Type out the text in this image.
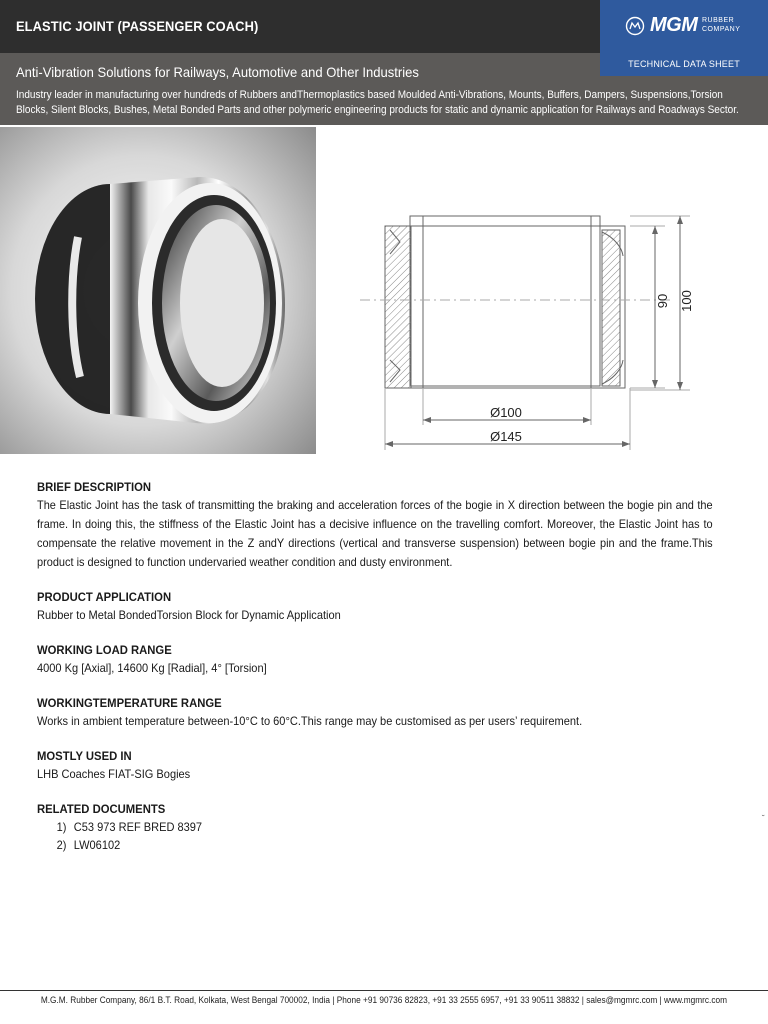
ELASTIC JOINT (PASSENGER COACH)	MGM RUBBER
COMPANY
Anti-Vibration Solutions for Railways, Automotive and Other Industries
Industry leader in manufacturing over hundreds of Rubbers andThermoplastics based Moulded Anti-Vibrations, Mounts, Buffers, Dampers, Suspensions,Torsion Blocks, Silent Blocks, Bushes, Metal Bonded Parts and other polymeric engineering products for static and dynamic application for Railways and Roadways Sector.
TECHNICAL DATA SHEET
90 100
Ø100
Ø145
BRIEF DESCRIPTION

The Elastic Joint has the task of transmitting the braking and acceleration forces of the bogie in X direction between the bogie pin and the frame. In doing this, the stiffness of the Elastic Joint has a decisive influence on the travelling comfort. Moreover, the Elastic Joint has to compensate the relative movement in the Z andY directions (vertical and transverse suspension) between bogie pin and the frame.This product is designed to function undervaried weather condition and dusty environment.

PRODUCT APPLICATION

Rubber to Metal BondedTorsion Block for Dynamic Application

WORKING LOAD RANGE

4000 Kg [Axial], 14600 Kg [Radial], 4° [Torsion]

WORKINGTEMPERATURE RANGE

Works in ambient temperature between-10°C to 60°C.This range may be customised as per users’ requirement.

MOSTLY USED IN

LHB Coaches FIAT-SIG Bogies

RELATED DOCUMENTS
1) C53 973 REF BRED 8397
2) LW06102
˘
M.G.M. Rubber Company, 86/1 B.T. Road, Kolkata, West Bengal 700002, India | Phone +91 90736 82823, +91 33 2555 6957, +91 33 90511 38832 | sales@mgmrc.com | www.mgmrc.com
